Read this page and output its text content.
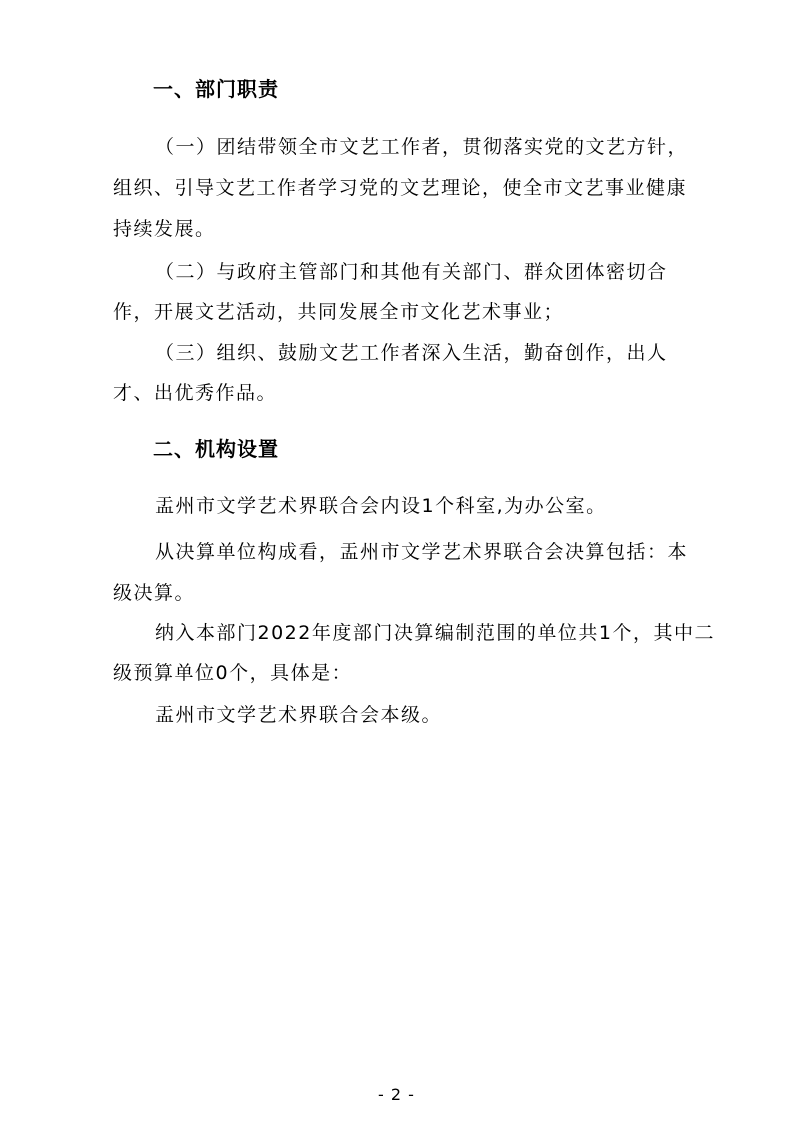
一、部门职责
（一）团结带领全市文艺工作者，贯彻落实党的文艺方针，
组织、引导文艺工作者学习党的文艺理论，使全市文艺事业健康
持续发展。
（二）与政府主管部门和其他有关部门、群众团体密切合
作，开展文艺活动，共同发展全市文化艺术事业；
（三）组织、鼓励文艺工作者深入生活，勤奋创作，出人
才、出优秀作品。
二、机构设置
盂州市文学艺术界联合会内设1个科室,为办公室。
从决算单位构成看，盂州市文学艺术界联合会决算包括：本
级决算。
纳入本部门2022年度部门决算编制范围的单位共1个，其中二
级预算单位0个，具体是：
盂州市文学艺术界联合会本级。
- 2 -
